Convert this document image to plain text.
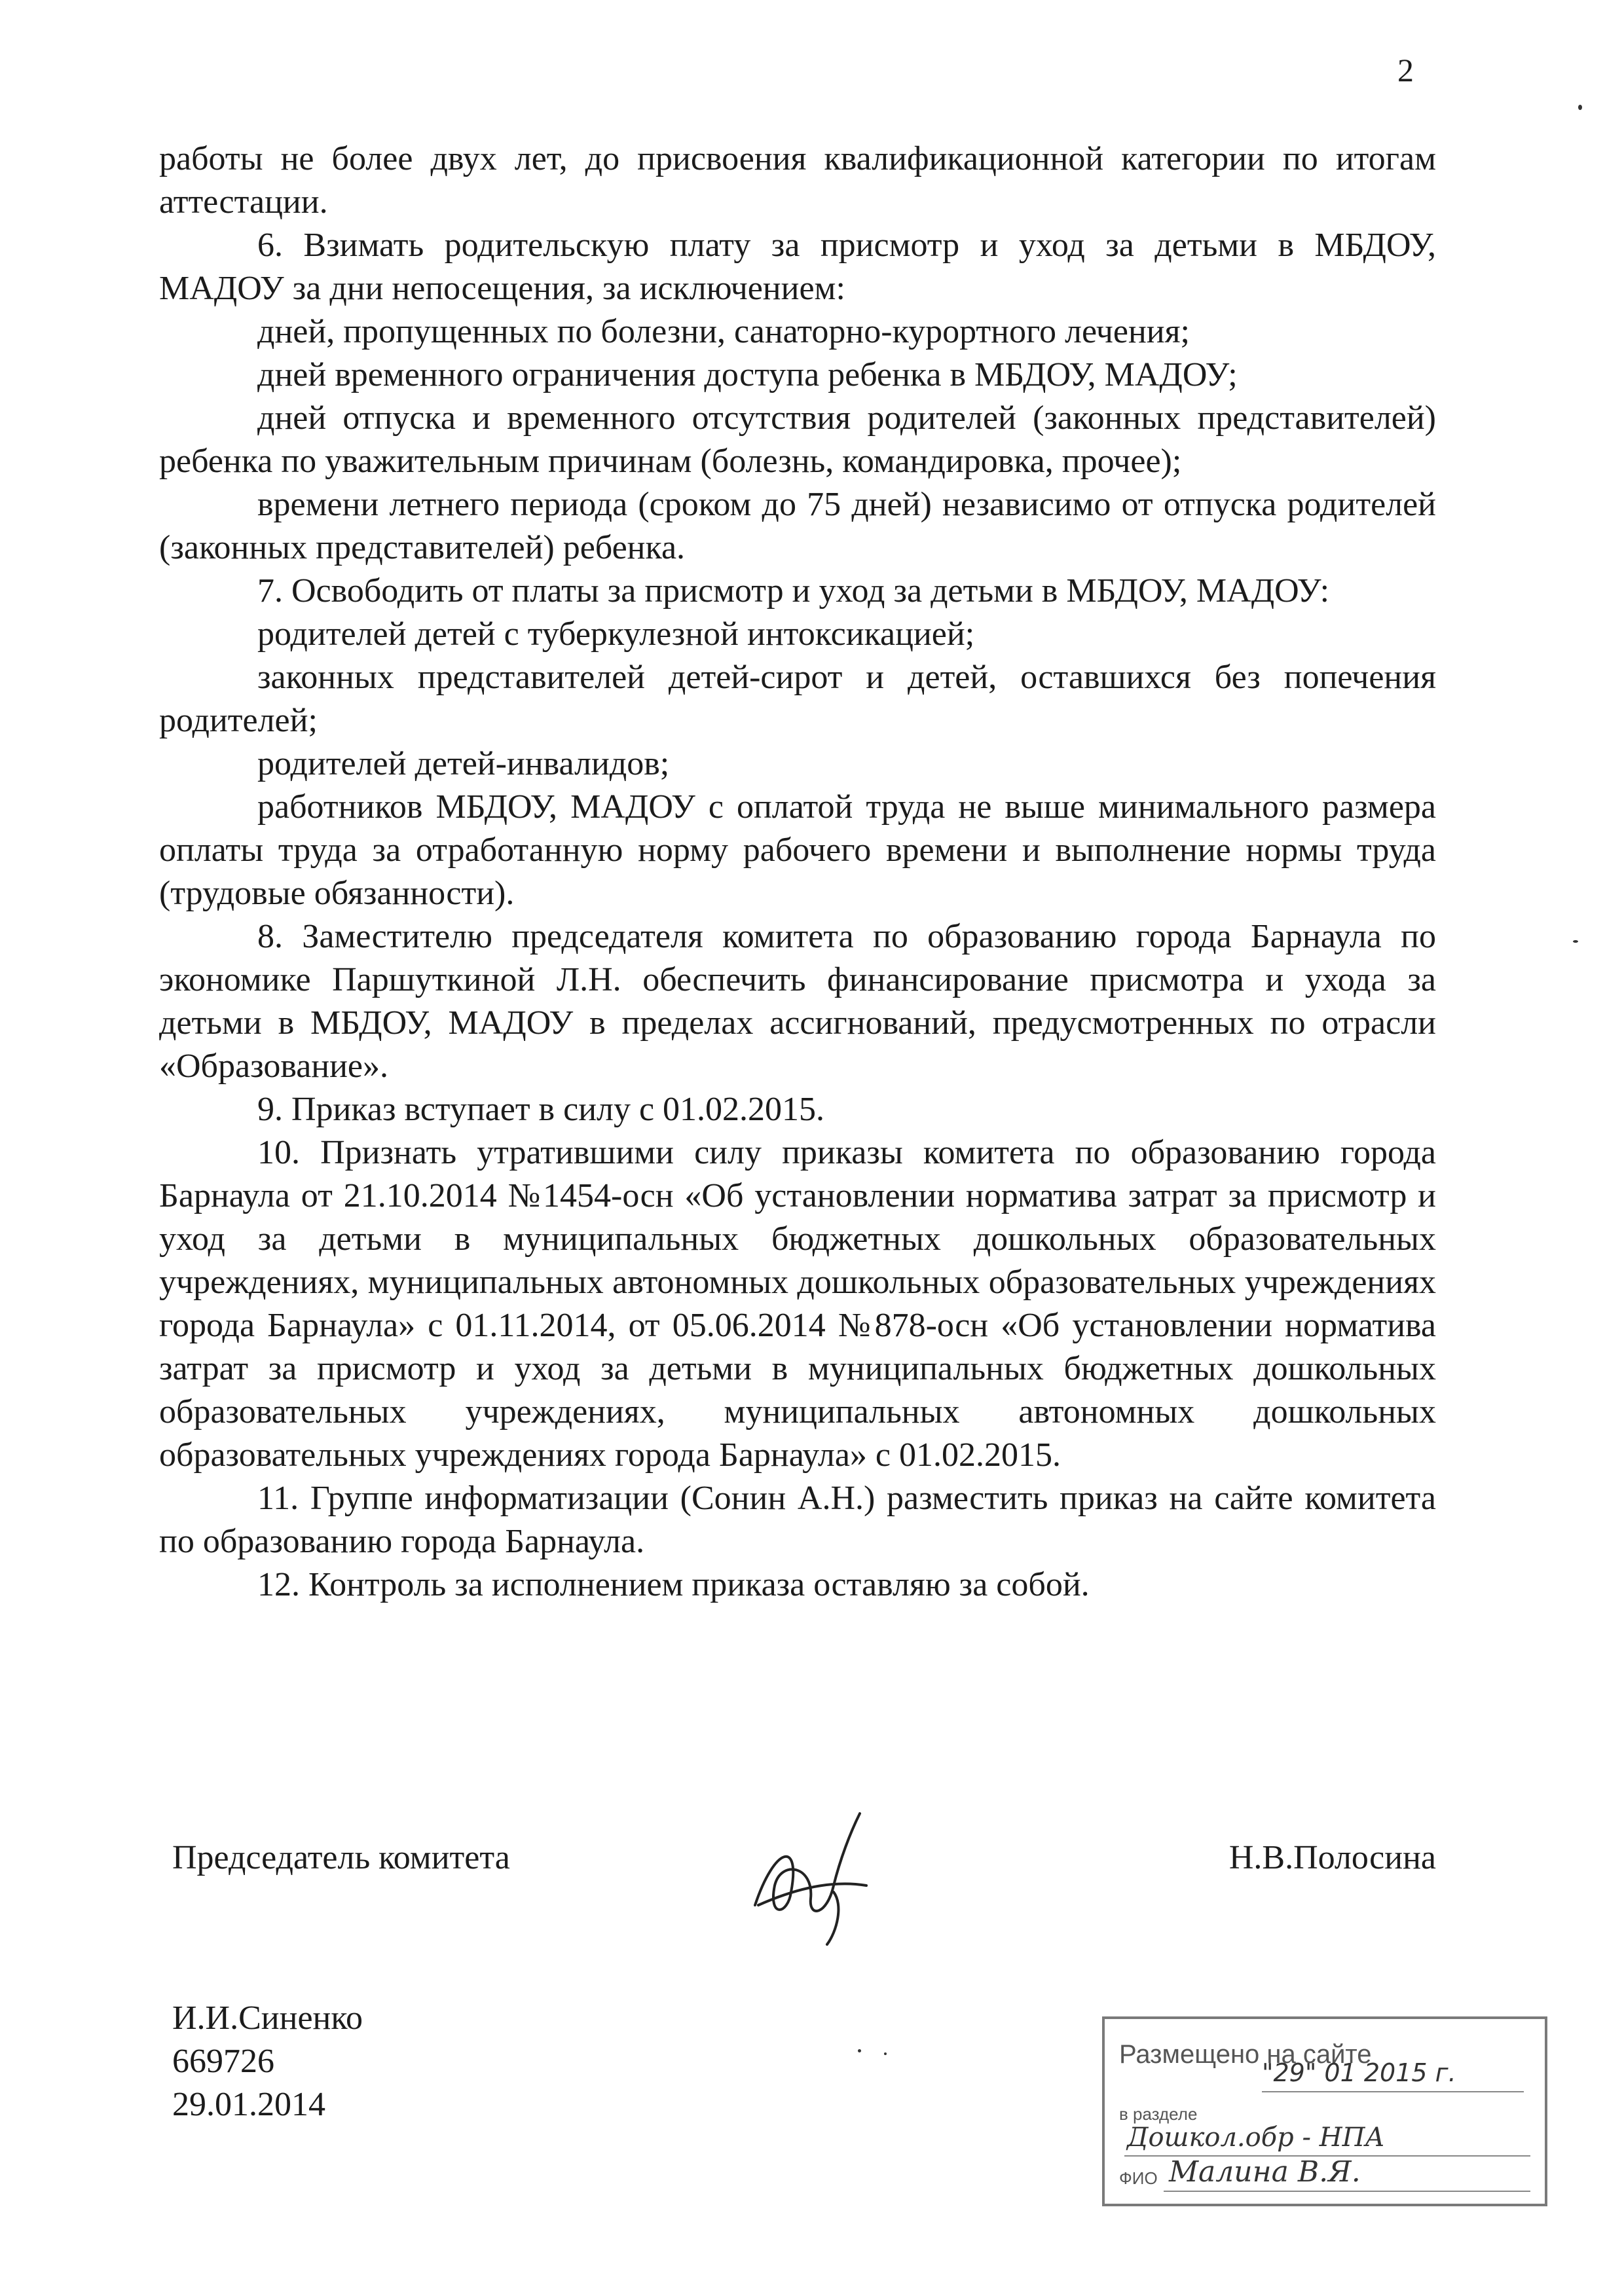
2

работы не более двух лет, до присвоения квалификационной категории по итогам аттестации.

6. Взимать родительскую плату за присмотр и уход за детьми в МБДОУ, МАДОУ за дни непосещения, за исключением:

дней, пропущенных по болезни, санаторно-курортного лечения;

дней временного ограничения доступа ребенка в МБДОУ, МАДОУ;

дней отпуска и временного отсутствия родителей (законных представителей) ребенка по уважительным причинам (болезнь, командировка, прочее);

времени летнего периода (сроком до 75 дней) независимо от отпуска родителей (законных представителей) ребенка.

7. Освободить от платы за присмотр и уход за детьми в МБДОУ, МАДОУ:

родителей детей с туберкулезной интоксикацией;

законных представителей детей-сирот и детей, оставшихся без попечения родителей;

родителей детей-инвалидов;

работников МБДОУ, МАДОУ с оплатой труда не выше минимального размера оплаты труда за отработанную норму рабочего времени и выполнение нормы труда (трудовые обязанности).

8. Заместителю председателя комитета по образованию города Барнаула по экономике Паршуткиной Л.Н. обеспечить финансирование присмотра и ухода за детьми в МБДОУ, МАДОУ в пределах ассигнований, предусмотренных по отрасли «Образование».

9. Приказ вступает в силу с 01.02.2015.

10. Признать утратившими силу приказы комитета по образованию города Барнаула от 21.10.2014 №1454-осн «Об установлении норматива затрат за присмотр и уход за детьми в муниципальных бюджетных дошкольных образовательных учреждениях, муниципальных автономных дошкольных образовательных учреждениях города Барнаула» с 01.11.2014, от 05.06.2014 №878-осн «Об установлении норматива затрат за присмотр и уход за детьми в муниципальных бюджетных дошкольных образовательных учреждениях, муниципальных автономных дошкольных образовательных учреждениях города Барнаула» с 01.02.2015.

11. Группе информатизации (Сонин А.Н.) разместить приказ на сайте комитета по образованию города Барнаула.

12. Контроль за исполнением приказа оставляю за собой.

Председатель комитета	Н.В.Полосина
И.И.Синенко
669726
29.01.2014
Размещено на сайте
"29" 01 2015 г.
в разделе
Дошкол.обр - НПА
ФИО Малина В.Я.
